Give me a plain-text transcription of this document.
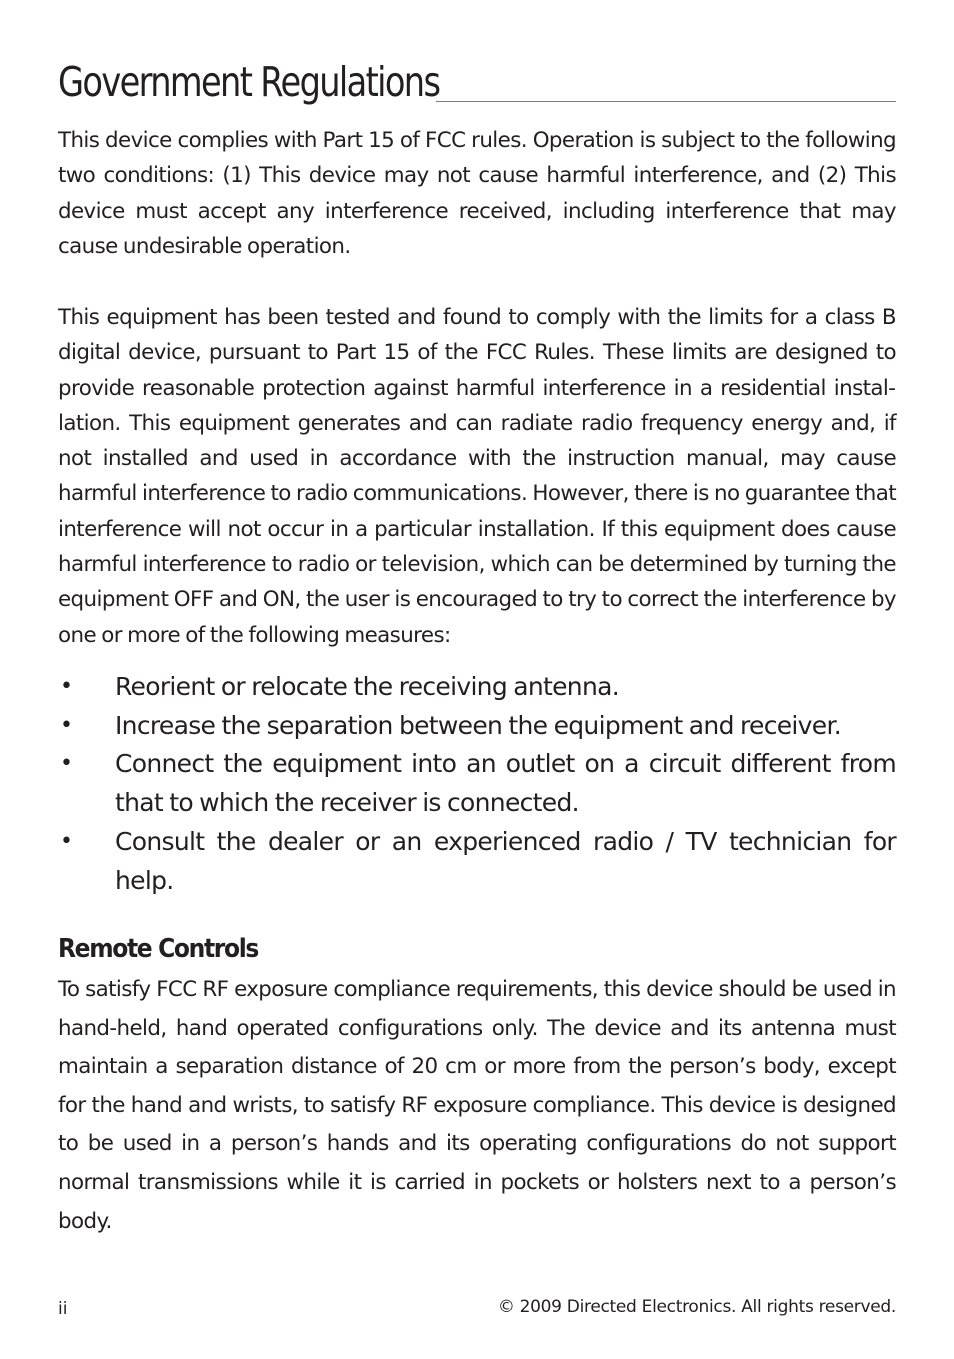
Government Regulations

This device complies with Part 15 of FCC rules. Operation is subject to the following two conditions: (1) This device may not cause harmful interference, and (2) This device must accept any interference received, including interference that may cause undesirable operation.

This equipment has been tested and found to comply with the limits for a class B digital device, pursuant to Part 15 of the FCC Rules. These limits are designed to provide reasonable protection against harmful interference in a residential installation. This equipment generates and can radiate radio frequency energy and, if not installed and used in accordance with the instruction manual, may cause harmful interference to radio communications. However, there is no guarantee that interference will not occur in a particular installation. If this equipment does cause harmful interference to radio or television, which can be determined by turning the equipment OFF and ON, the user is encouraged to try to correct the interference by one or more of the following measures:

• Reorient or relocate the receiving antenna.
• Increase the separation between the equipment and receiver.
• Connect the equipment into an outlet on a circuit different from that to which the receiver is connected.
• Consult the dealer or an experienced radio / TV technician for help.
Remote Controls

To satisfy FCC RF exposure compliance requirements, this device should be used in hand-held, hand operated configurations only. The device and its antenna must maintain a separation distance of 20 cm or more from the person’s body, except for the hand and wrists, to satisfy RF exposure compliance. This device is designed to be used in a person’s hands and its operating configurations do not support normal transmissions while it is carried in pockets or holsters next to a person’s body.

ii	© 2009 Directed Electronics. All rights reserved.
